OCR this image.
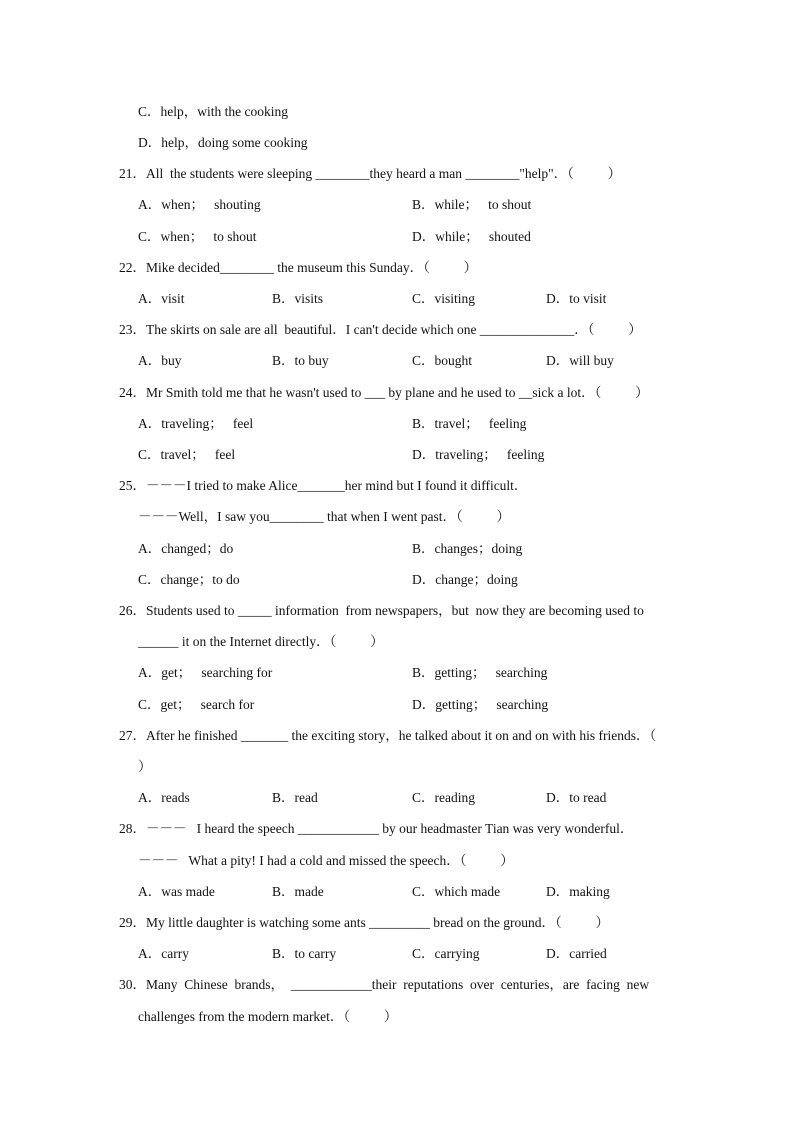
C．help，with the cooking
D．help，doing some cooking
21．All  the students were sleeping ________they heard a man ________"help"．（          ）
A．when；   shouting	B．while；   to shout
C．when；   to shout	D．while；   shouted
22．Mike decided________ the museum this Sunday．（          ）
A．visit	B．visits	C．visiting	D．to visit
23．The skirts on sale are all  beautiful．I can't decide which one ______________．（          ）
A．buy	B．to buy	C．bought	D．will buy
24．Mr Smith told me that he wasn't used to ___ by plane and he used to __sick a lot．（          ）
A．traveling；   feel	B．travel；   feeling
C．travel；   feel	D．traveling；   feeling
25．－－－I tried to make Alice_______her mind but I found it difficult．
－－－Well，I saw you________ that when I went past．（          ）
A．changed；do	B．changes；doing
C．change；to do	D．change；doing
26．Students used to _____ information  from newspapers，but  now they are becoming used to
______ it on the Internet directly．（          ）
A．get；   searching for	B．getting；   searching
C．get；   search for	D．getting；   searching
27．After he finished _______ the exciting story，he talked about it on and on with his friends．（
）
A．reads	B．read	C．reading	D．to read
28．－－－   I heard the speech ____________ by our headmaster Tian was very wonderful．
－－－   What a pity! I had a cold and missed the speech．（          ）
A．was made	B．made	C．which made	D．making
29．My little daughter is watching some ants _________ bread on the ground．（          ）
A．carry	B．to carry	C．carrying	D．carried
30．Many  Chinese  brands，  ____________their  reputations  over  centuries，are  facing  new
challenges from the modern market．（          ）
